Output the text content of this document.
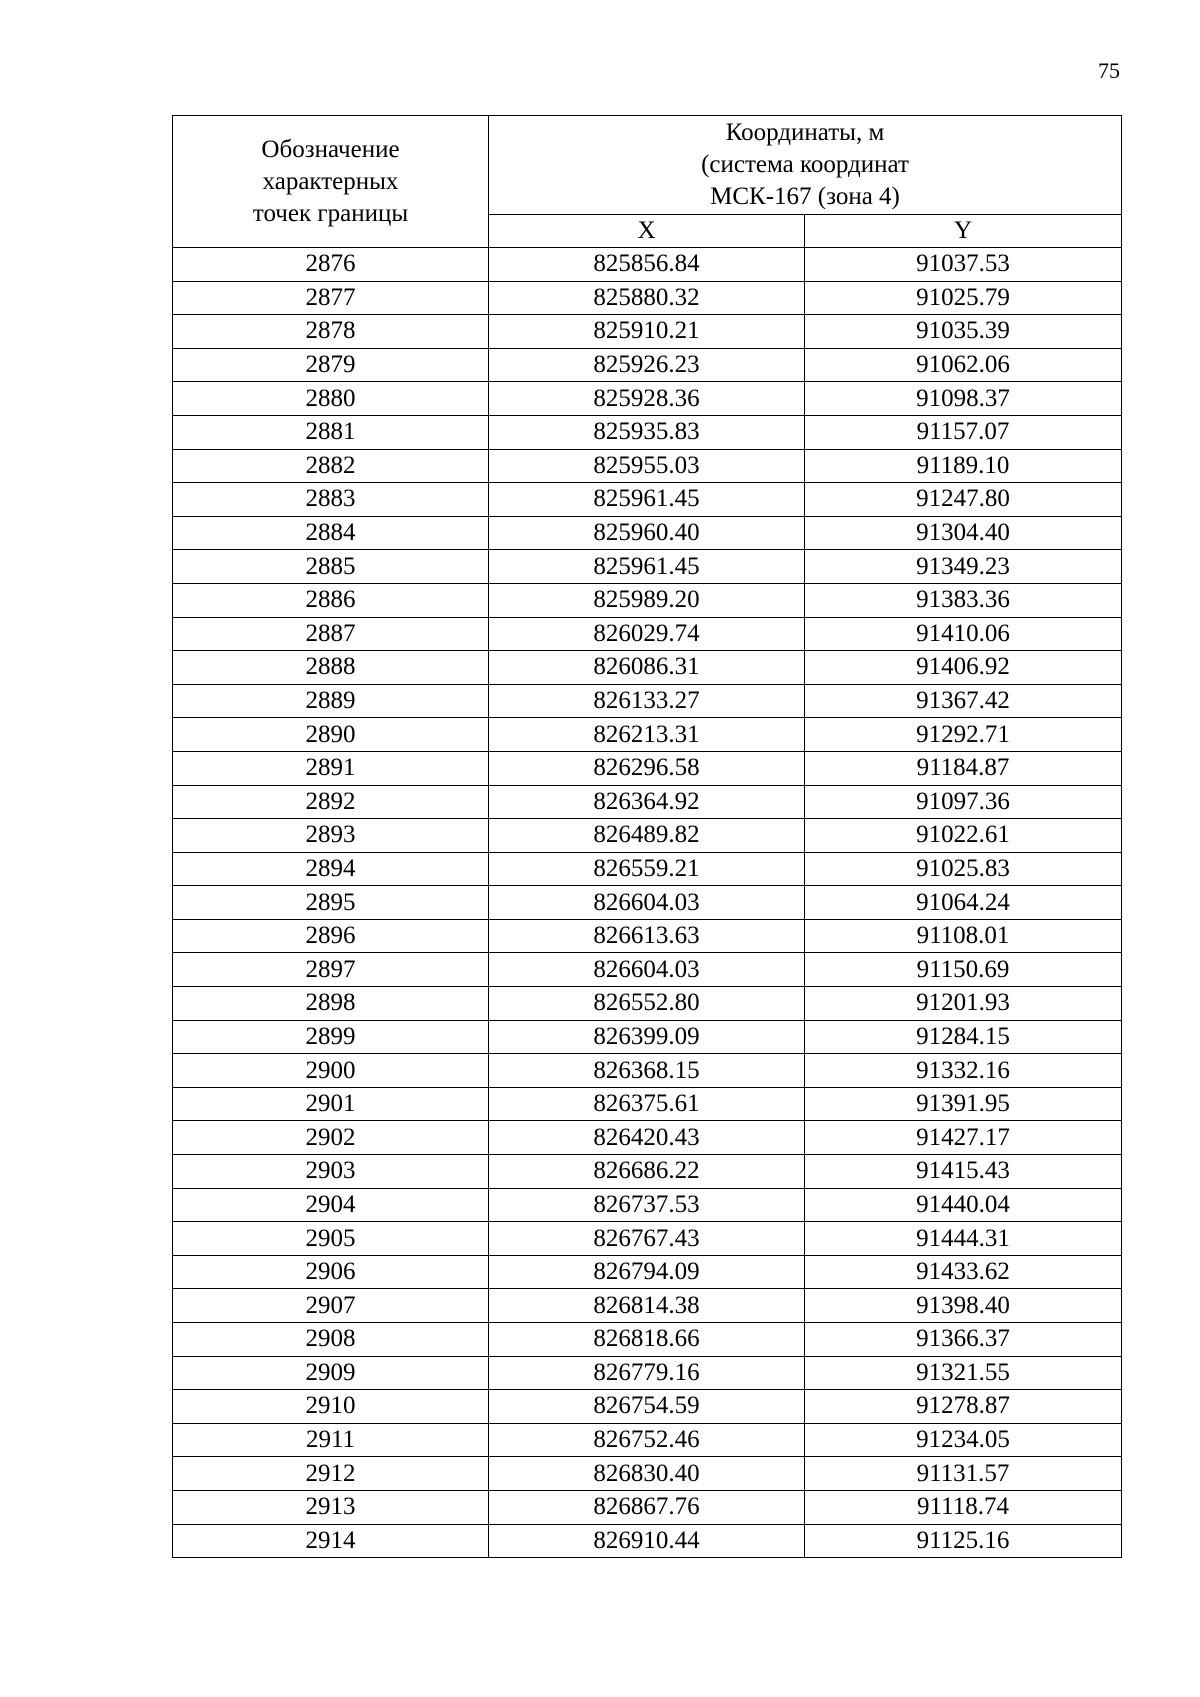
75
Обозначение
характерных
точек границы	Координаты, м
(система координат
МСК-167 (зона 4)	

	X	Y
2876	825856.84	91037.53
2877	825880.32	91025.79
2878	825910.21	91035.39
2879	825926.23	91062.06
2880	825928.36	91098.37
2881	825935.83	91157.07
2882	825955.03	91189.10
2883	825961.45	91247.80
2884	825960.40	91304.40
2885	825961.45	91349.23
2886	825989.20	91383.36
2887	826029.74	91410.06
2888	826086.31	91406.92
2889	826133.27	91367.42
2890	826213.31	91292.71
2891	826296.58	91184.87
2892	826364.92	91097.36
2893	826489.82	91022.61
2894	826559.21	91025.83
2895	826604.03	91064.24
2896	826613.63	91108.01
2897	826604.03	91150.69
2898	826552.80	91201.93
2899	826399.09	91284.15
2900	826368.15	91332.16
2901	826375.61	91391.95
2902	826420.43	91427.17
2903	826686.22	91415.43
2904	826737.53	91440.04
2905	826767.43	91444.31
2906	826794.09	91433.62
2907	826814.38	91398.40
2908	826818.66	91366.37
2909	826779.16	91321.55
2910	826754.59	91278.87
2911	826752.46	91234.05
2912	826830.40	91131.57
2913	826867.76	91118.74
2914	826910.44	91125.16
